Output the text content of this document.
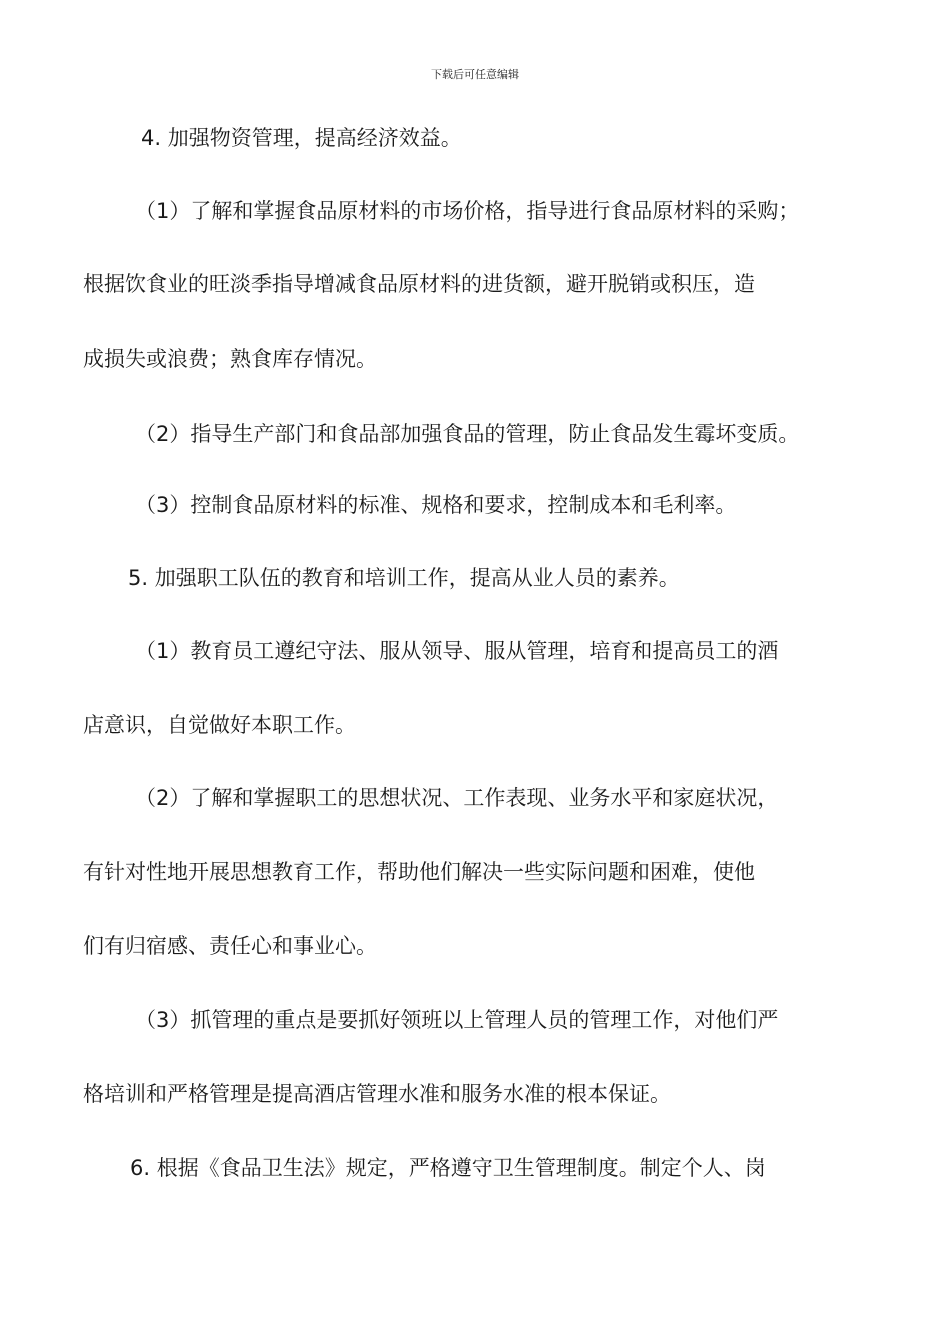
下载后可任意编辑
4. 加强物资管理，提高经济效益。
（1）了解和掌握食品原材料的市场价格，指导进行食品原材料的采购；
根据饮食业的旺淡季指导增减食品原材料的进货额，避开脱销或积压，造
成损失或浪费；熟食库存情况。
（2）指导生产部门和食品部加强食品的管理，防止食品发生霉坏变质。
（3）控制食品原材料的标准、规格和要求，控制成本和毛利率。
5. 加强职工队伍的教育和培训工作，提高从业人员的素养。
（1）教育员工遵纪守法、服从领导、服从管理，培育和提高员工的酒
店意识，自觉做好本职工作。
（2）了解和掌握职工的思想状况、工作表现、业务水平和家庭状况，
有针对性地开展思想教育工作，帮助他们解决一些实际问题和困难，使他
们有归宿感、责任心和事业心。
（3）抓管理的重点是要抓好领班以上管理人员的管理工作，对他们严
格培训和严格管理是提高酒店管理水准和服务水准的根本保证。
6. 根据《食品卫生法》规定，严格遵守卫生管理制度。制定个人、岗
